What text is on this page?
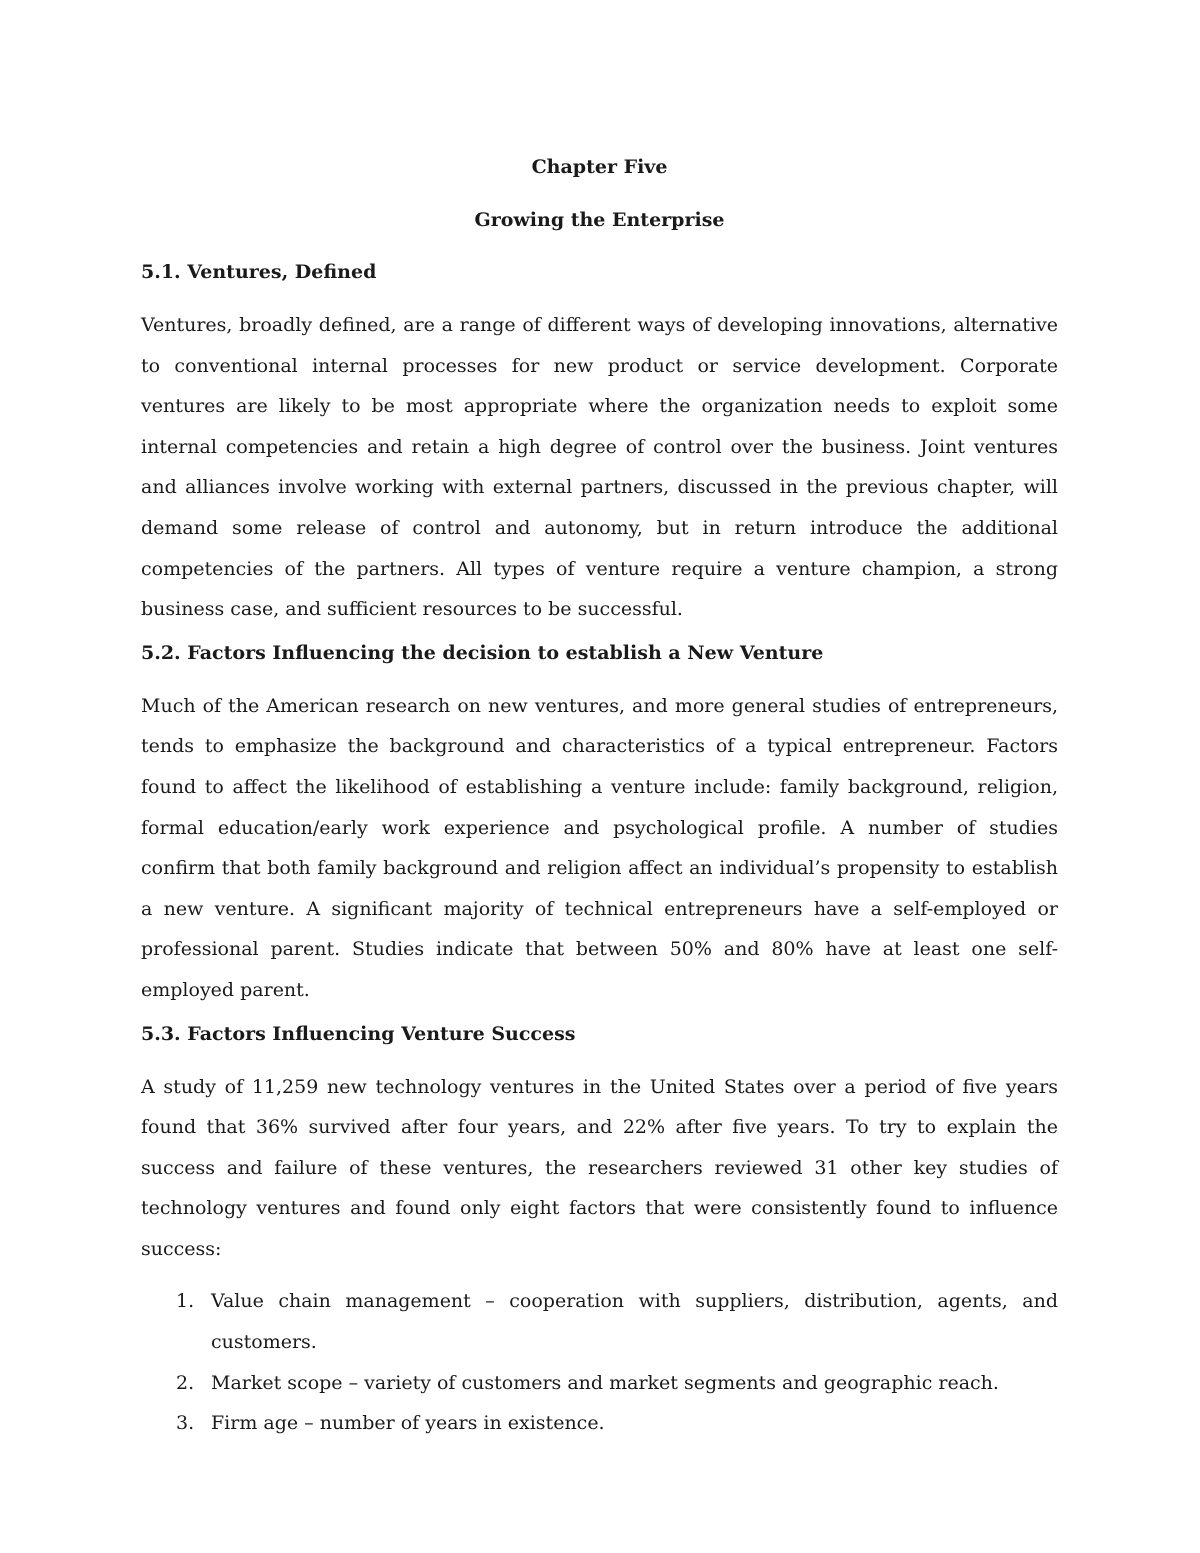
Chapter Five
Growing the Enterprise
5.1. Ventures, Defined

Ventures, broadly defined, are a range of different ways of developing innovations, alternative to conventional internal processes for new product or service development. Corporate ventures are likely to be most appropriate where the organization needs to exploit some internal competencies and retain a high degree of control over the business. Joint ventures and alliances involve working with external partners, discussed in the previous chapter, will demand some release of control and autonomy, but in return introduce the additional competencies of the partners. All types of venture require a venture champion, a strong business case, and sufficient resources to be successful.

5.2. Factors Influencing the decision to establish a New Venture

Much of the American research on new ventures, and more general studies of entrepreneurs, tends to emphasize the background and characteristics of a typical entrepreneur. Factors found to affect the likelihood of establishing a venture include: family background, religion, formal education/early work experience and psychological profile. A number of studies confirm that both family background and religion affect an individual’s propensity to establish a new venture. A significant majority of technical entrepreneurs have a self-employed or professional parent. Studies indicate that between 50% and 80% have at least one self-employed parent.

5.3. Factors Influencing Venture Success

A study of 11,259 new technology ventures in the United States over a period of five years found that 36% survived after four years, and 22% after five years. To try to explain the success and failure of these ventures, the researchers reviewed 31 other key studies of technology ventures and found only eight factors that were consistently found to influence success:

1. Value chain management – cooperation with suppliers, distribution, agents, and customers.
2. Market scope – variety of customers and market segments and geographic reach.
3. Firm age – number of years in existence.
